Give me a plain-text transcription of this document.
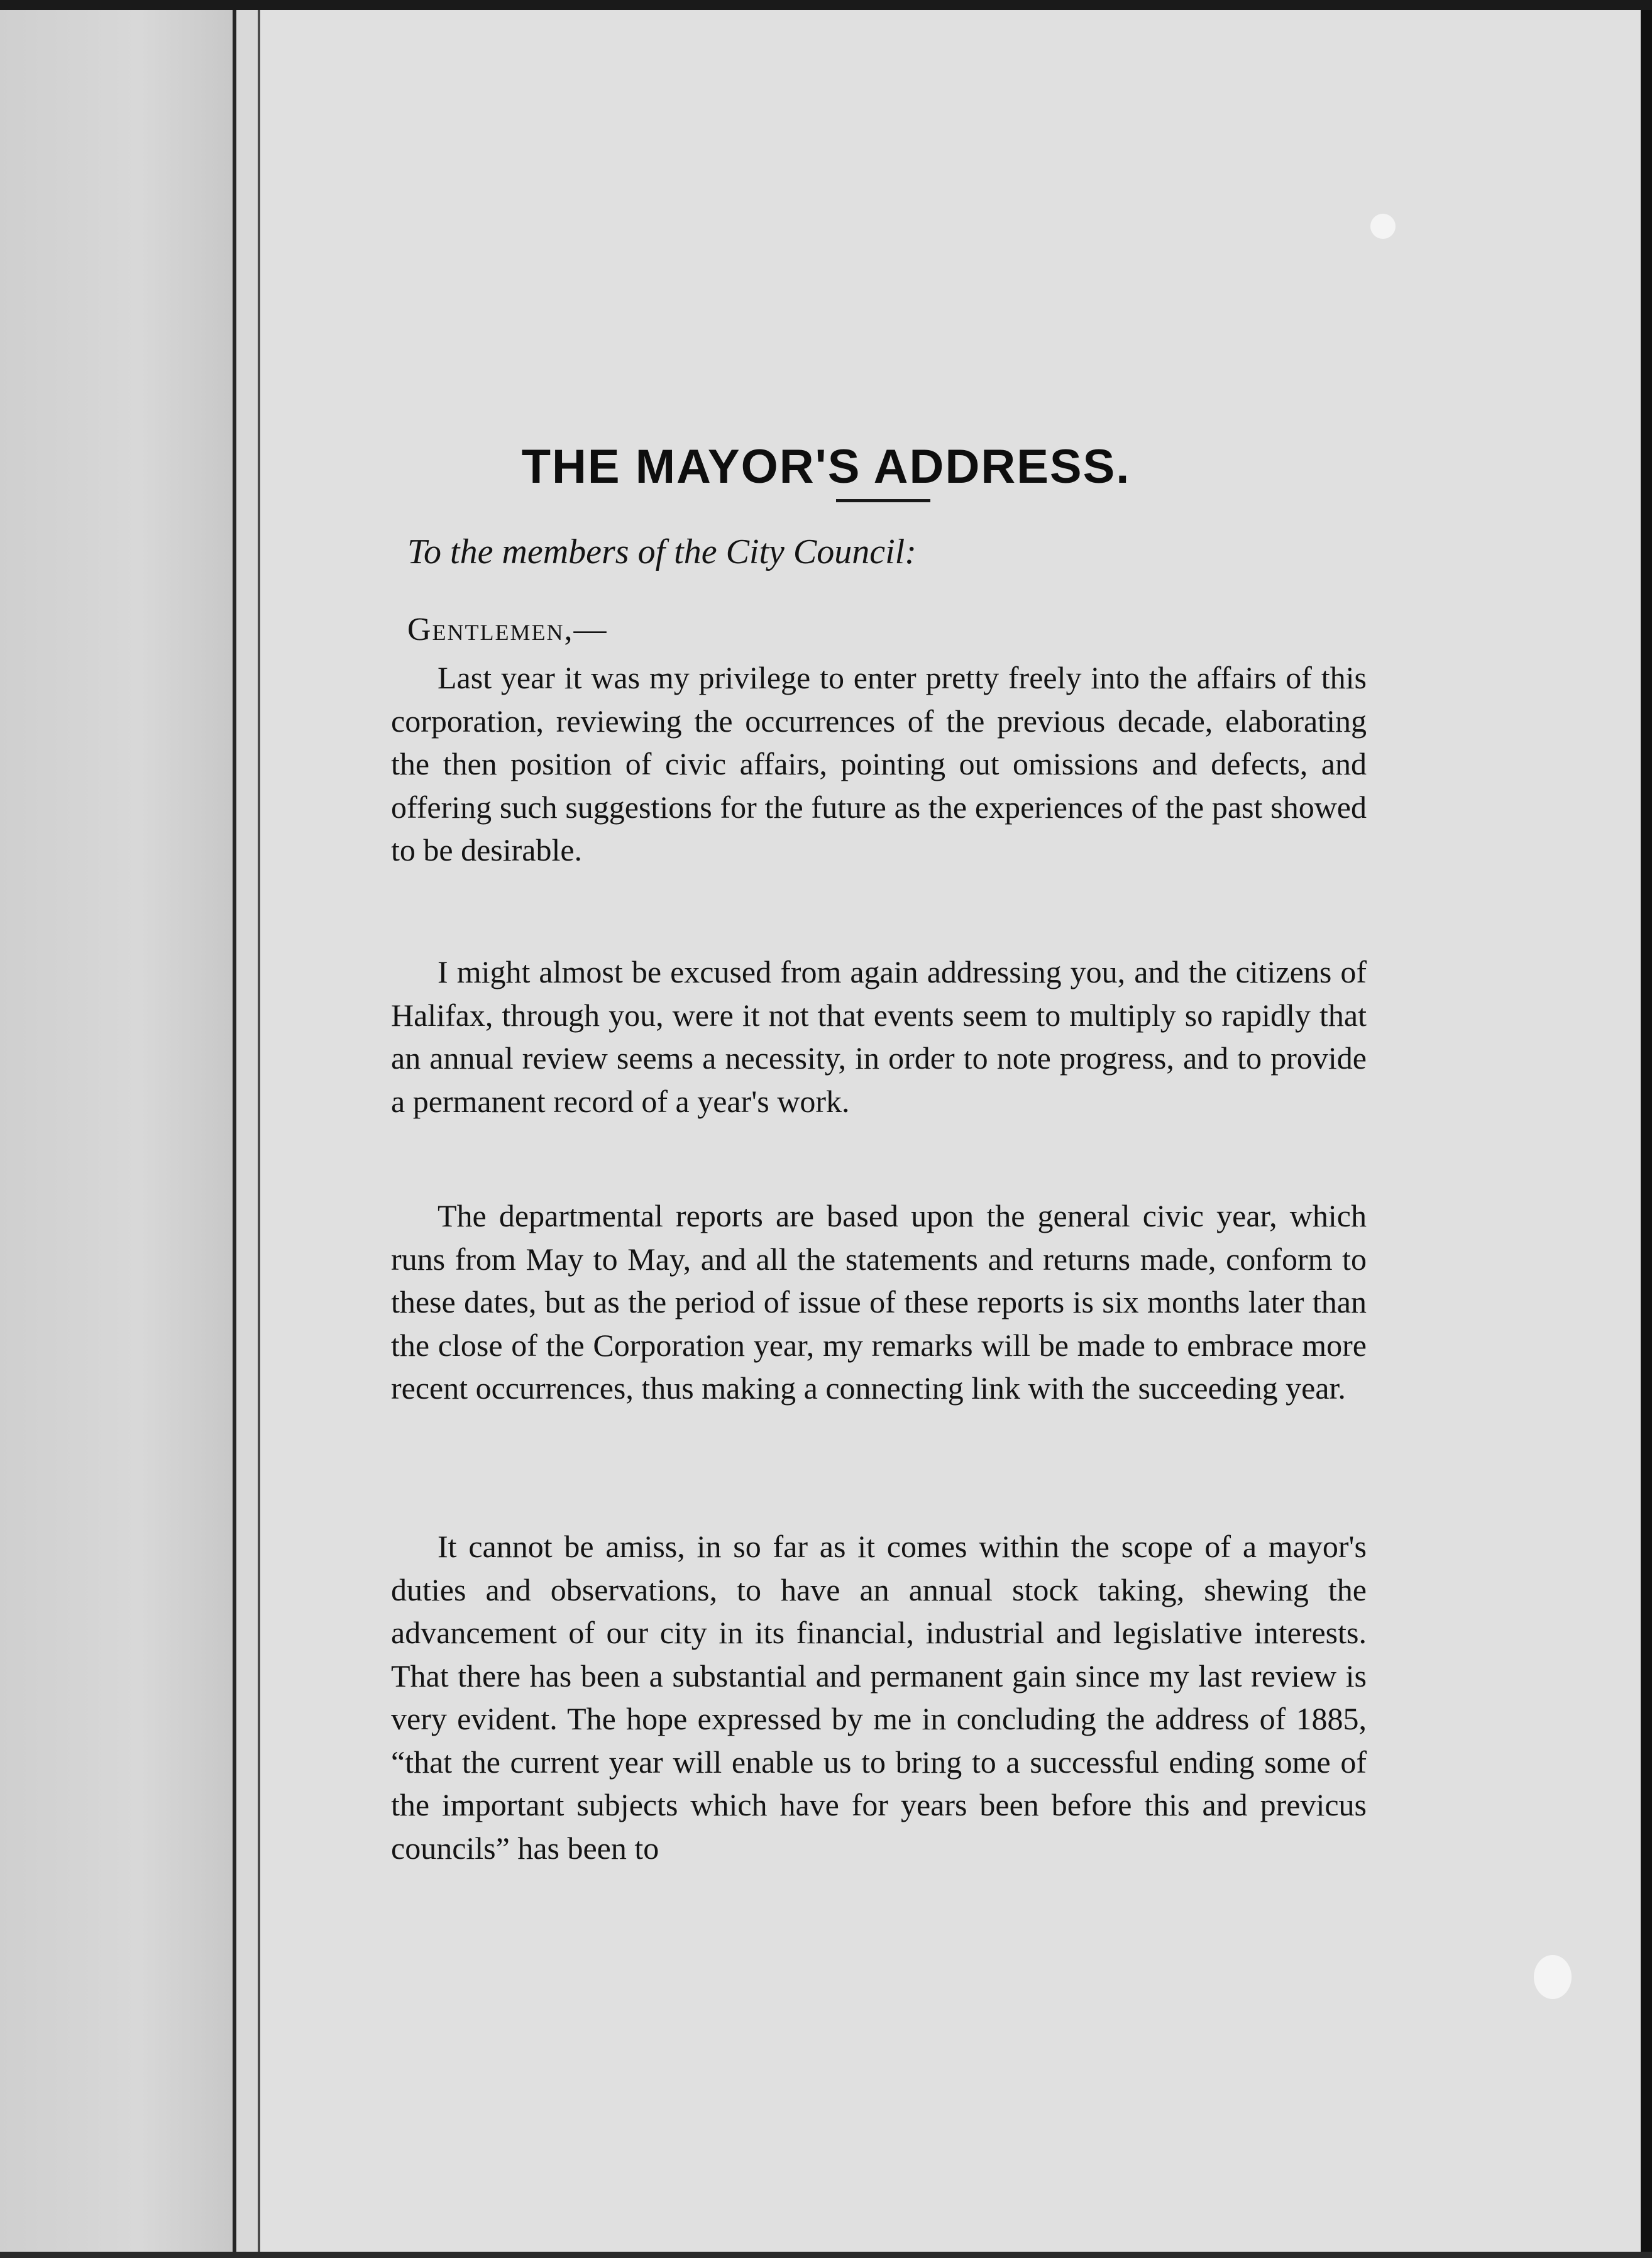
THE MAYOR'S ADDRESS.
To the members of the City Council:
Gentlemen,—

Last year it was my privilege to enter pretty freely into the affairs of this corporation, reviewing the occurrences of the previous decade, elaborating the then position of civic affairs, pointing out omissions and defects, and offering such suggestions for the future as the experiences of the past showed to be desirable.

I might almost be excused from again addressing you, and the citizens of Halifax, through you, were it not that events seem to multiply so rapidly that an annual review seems a necessity, in order to note progress, and to provide a permanent record of a year's work.

The departmental reports are based upon the general civic year, which runs from May to May, and all the statements and returns made, conform to these dates, but as the period of issue of these reports is six months later than the close of the Corporation year, my remarks will be made to embrace more recent occurrences, thus making a connecting link with the succeeding year.

It cannot be amiss, in so far as it comes within the scope of a mayor's duties and observations, to have an annual stock taking, shewing the advancement of our city in its financial, industrial and legislative interests. That there has been a substantial and permanent gain since my last review is very evident. The hope expressed by me in concluding the address of 1885, “that the current year will enable us to bring to a successful ending some of the important subjects which have for years been before this and previcus councils” has been to
